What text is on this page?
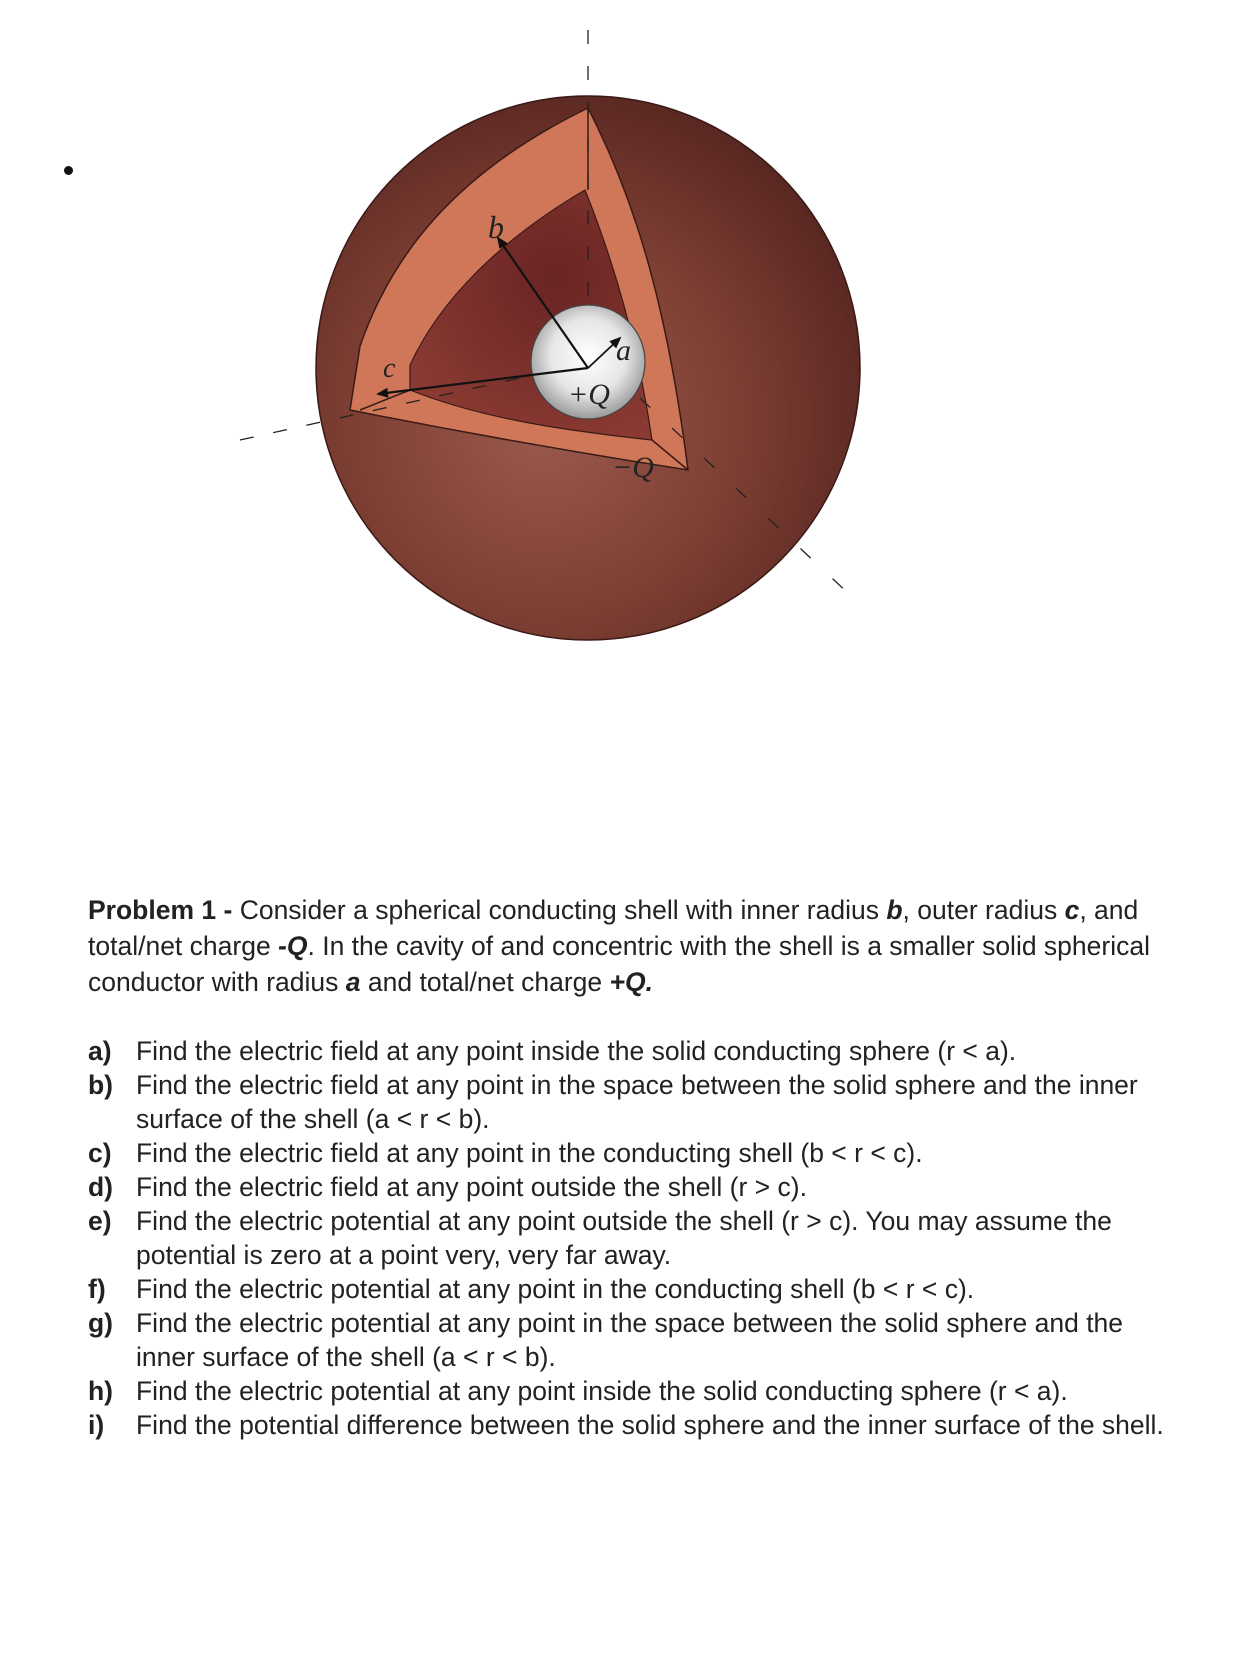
b
a
c
+Q
−Q

Problem 1 - Consider a spherical conducting shell with inner radius b, outer radius c, and total/net charge -Q. In the cavity of and concentric with the shell is a smaller solid spherical conductor with radius a and total/net charge +Q.

a) Find the electric field at any point inside the solid conducting sphere (r < a).
b) Find the electric field at any point in the space between the solid sphere and the inner surface of the shell (a < r < b).
c) Find the electric field at any point in the conducting shell (b < r < c).
d) Find the electric field at any point outside the shell (r > c).
e) Find the electric potential at any point outside the shell (r > c). You may assume the potential is zero at a point very, very far away.
f)	Find the electric potential at any point in the conducting shell (b < r < c).
g) Find the electric potential at any point in the space between the solid sphere and the inner surface of the shell (a < r < b).
h) Find the electric potential at any point inside the solid conducting sphere (r < a).
i)	Find the potential difference between the solid sphere and the inner surface of the shell.
